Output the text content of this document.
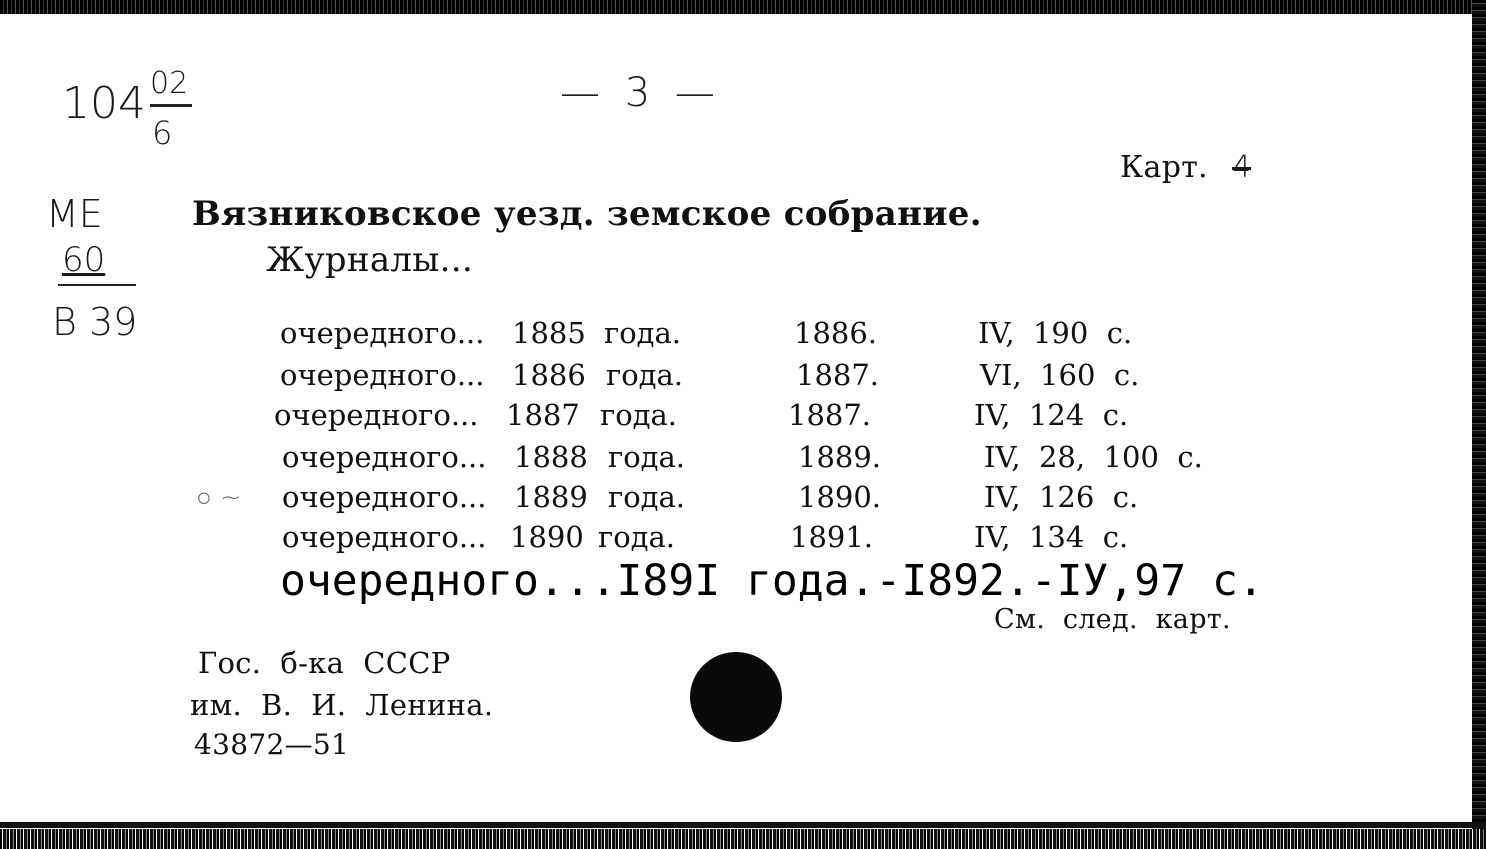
104 02
6
— 3 —
Карт. 4
ME
60
B 39
Вязниковское уезд. земское собрание.
Журналы...
очередного... 1885 года.	1886.	IV,  190  с.
очередного... 1886 года.	1887.	VI,  160  с.
очередного... 1887 года.	1887.	IV,  124  с.
очередного... 1888 года.	1889.	IV,  28,  100  с.
○ ~ очередного... 1889 года.	1890.	IV,  126  с.
очередного... 1890 года.	1891.	IV,  134  с.
очередного...I89I года.-I892.-IУ,97 с.
См.  след.  карт.
Гос.  б-ка  СССР
им.  В.  И.  Ленина.
43872—51
